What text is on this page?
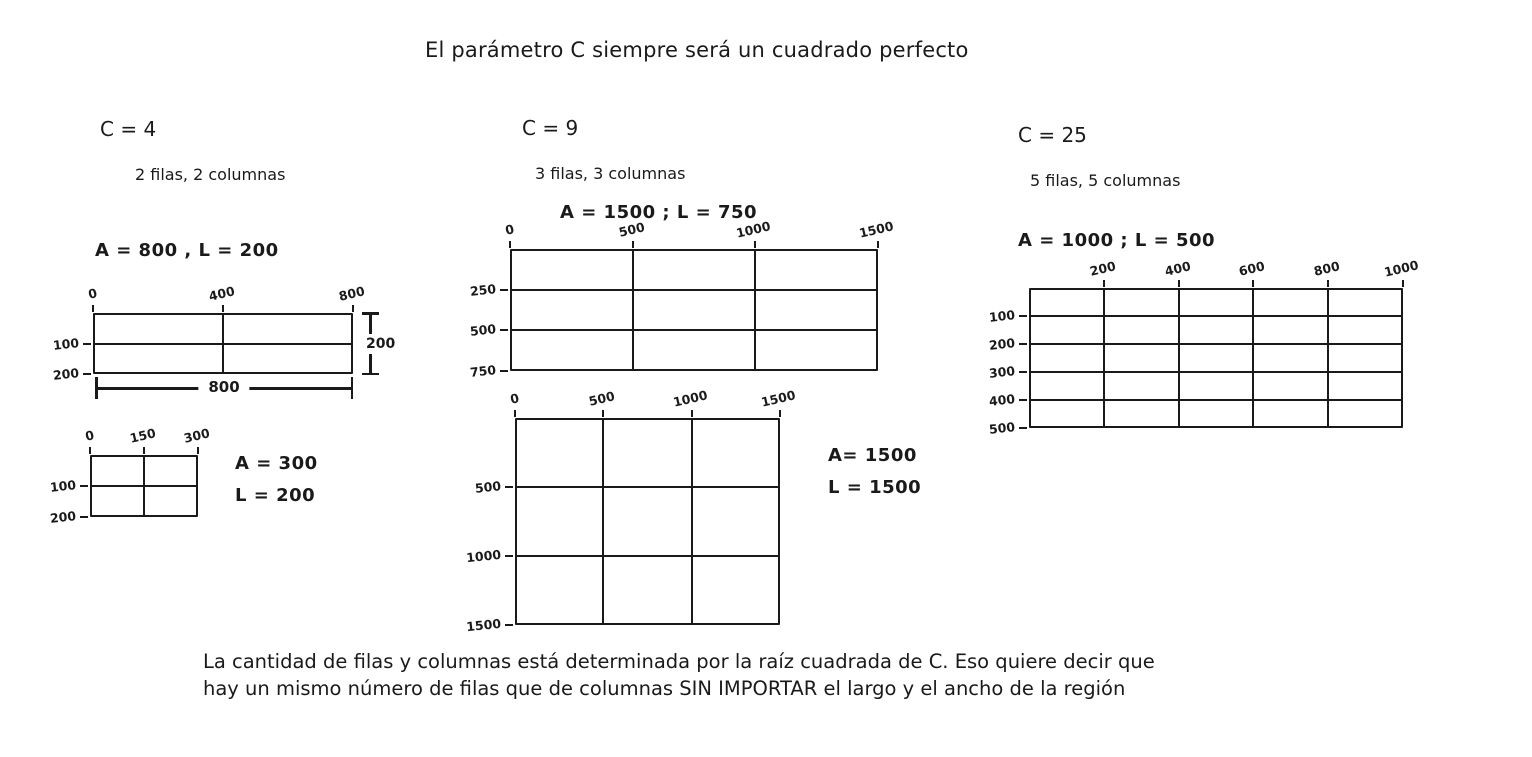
El parámetro C siempre será un cuadrado perfecto
C = 4
2 filas, 2 columnas
A = 800 , L = 200
C = 9
3 filas, 3 columnas
A = 1500 ; L = 750
C = 25
5 filas, 5 columnas
A = 1000 ; L = 500
0	400	800
100
200
0	150 300
100
200
0	500	1000	1500
250
500
750
0	500	1000	1500
500
1000
1500
200	400	600	800	1000
100
200
300
400
500
800
200
A = 300
L = 200
A= 1500
L = 1500
La cantidad de filas y columnas está determinada por la raíz cuadrada de C. Eso quiere decir que
hay un mismo número de filas que de columnas SIN IMPORTAR el largo y el ancho de la región
